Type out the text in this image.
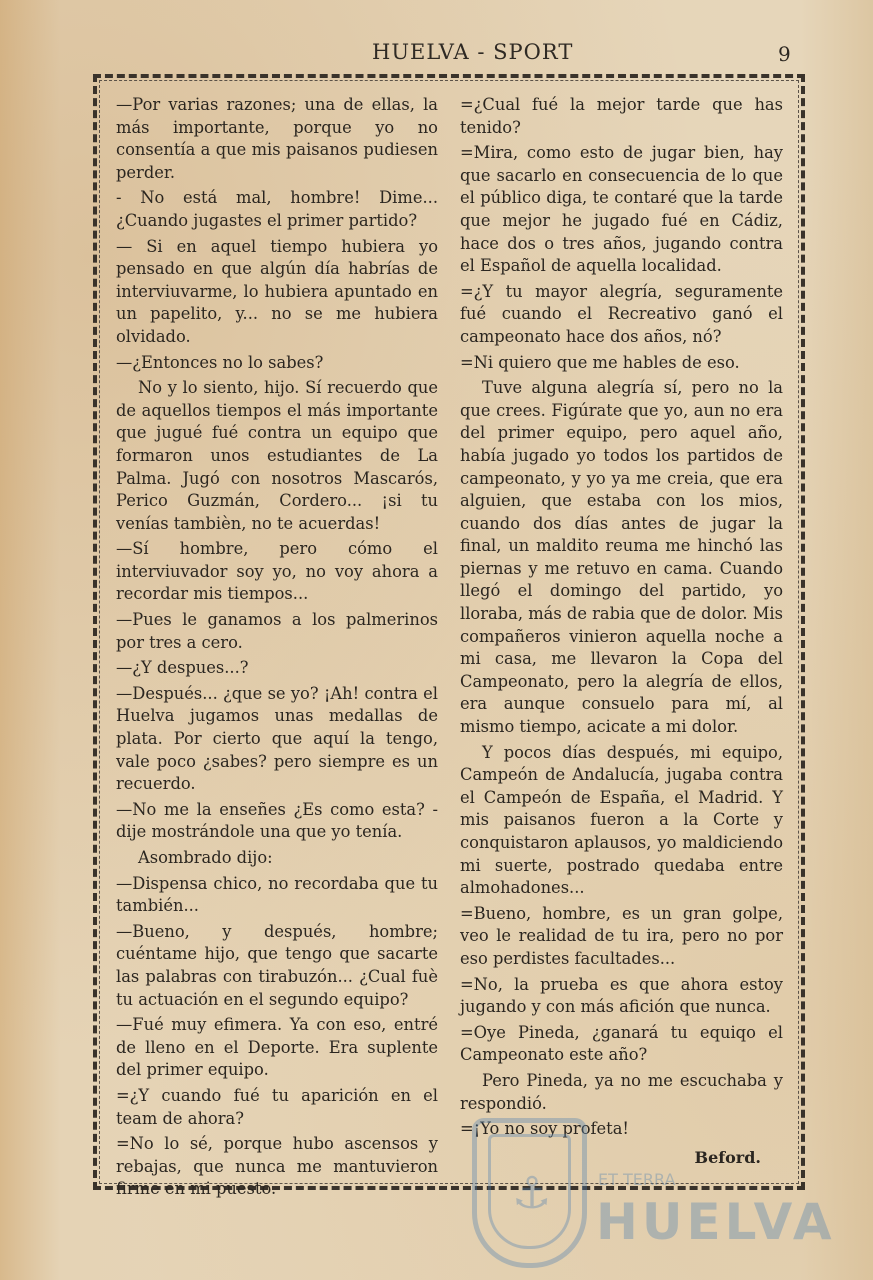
HUELVA - SPORT	9

—Por varias razones; una de ellas, la más importante, porque yo no consentía a que mis paisanos pudiesen perder.

- No está mal, hombre! Dime... ¿Cuando jugastes el primer partido?

— Si en aquel tiempo hubiera yo pensado en que algún día habrías de interviuvarme, lo hubiera apuntado en un papelito, y... no se me hubiera olvidado.

—¿Entonces no lo sabes?

No y lo siento, hijo. Sí recuerdo que de aquellos tiempos el más importante que jugué fué contra un equipo que formaron unos estudiantes de La Palma. Jugó con nosotros Mascarós, Perico Guzmán, Cordero... ¡si tu venías tambièn, no te acuerdas!

—Sí hombre, pero cómo el interviuvador soy yo, no voy ahora a recordar mis tiempos...

—Pues le ganamos a los palmerinos por tres a cero.

—¿Y despues...?

—Después... ¿que se yo? ¡Ah! contra el Huelva jugamos unas medallas de plata. Por cierto que aquí la tengo, vale poco ¿sabes? pero siempre es un recuerdo.

—No me la enseñes ¿Es como esta? - dije mostrándole una que yo tenía.

Asombrado dijo:

—Dispensa chico, no recordaba que tu también...

—Bueno, y después, hombre; cuéntame hijo, que tengo que sacarte las palabras con tirabuzón... ¿Cual fuè tu actuación en el segundo equipo?

—Fué muy efimera. Ya con eso, entré de lleno en el Deporte. Era suplente del primer equipo.

=¿Y cuando fué tu aparición en el team de ahora?

=No lo sé, porque hubo ascensos y rebajas, que nunca me mantuvieron firme en mi puesto.

=¿Cual fué la mejor tarde que has tenido?

=Mira, como esto de jugar bien, hay que sacarlo en consecuencia de lo que el público diga, te contaré que la tarde que mejor he jugado fué en Cádiz, hace dos o tres años, jugando contra el Español de aquella localidad.

=¿Y tu mayor alegría, seguramente fué cuando el Recreativo ganó el campeonato hace dos años, nó?

=Ni quiero que me hables de eso.

Tuve alguna alegría sí, pero no la que crees. Figúrate que yo, aun no era del primer equipo, pero aquel año, había jugado yo todos los partidos de campeonato, y yo ya me creia, que era alguien, que estaba con los mios, cuando dos días antes de jugar la final, un maldito reuma me hinchó las piernas y me retuvo en cama. Cuando llegó el domingo del partido, yo lloraba, más de rabia que de dolor. Mis compañeros vinieron aquella noche a mi casa, me llevaron la Copa del Campeonato, pero la alegría de ellos, era aunque consuelo para mí, al mismo tiempo, acicate a mi dolor.

Y pocos días después, mi equipo, Campeón de Andalucía, jugaba contra el Campeón de España, el Madrid. Y mis paisanos fueron a la Corte y conquistaron aplausos, yo maldiciendo mi suerte, postrado quedaba entre almohadones...

=Bueno, hombre, es un gran golpe, veo le realidad de tu ira, pero no por eso perdistes facultades...

=No, la prueba es que ahora estoy jugando y con más afición que nunca.

=Oye Pineda, ¿ganará tu equiqo el Campeonato este año?

Pero Pineda, ya no me escuchaba y respondió.

=¡Yo no soy profeta!

Beford.
⚓	ET TERRA
HUELVA
